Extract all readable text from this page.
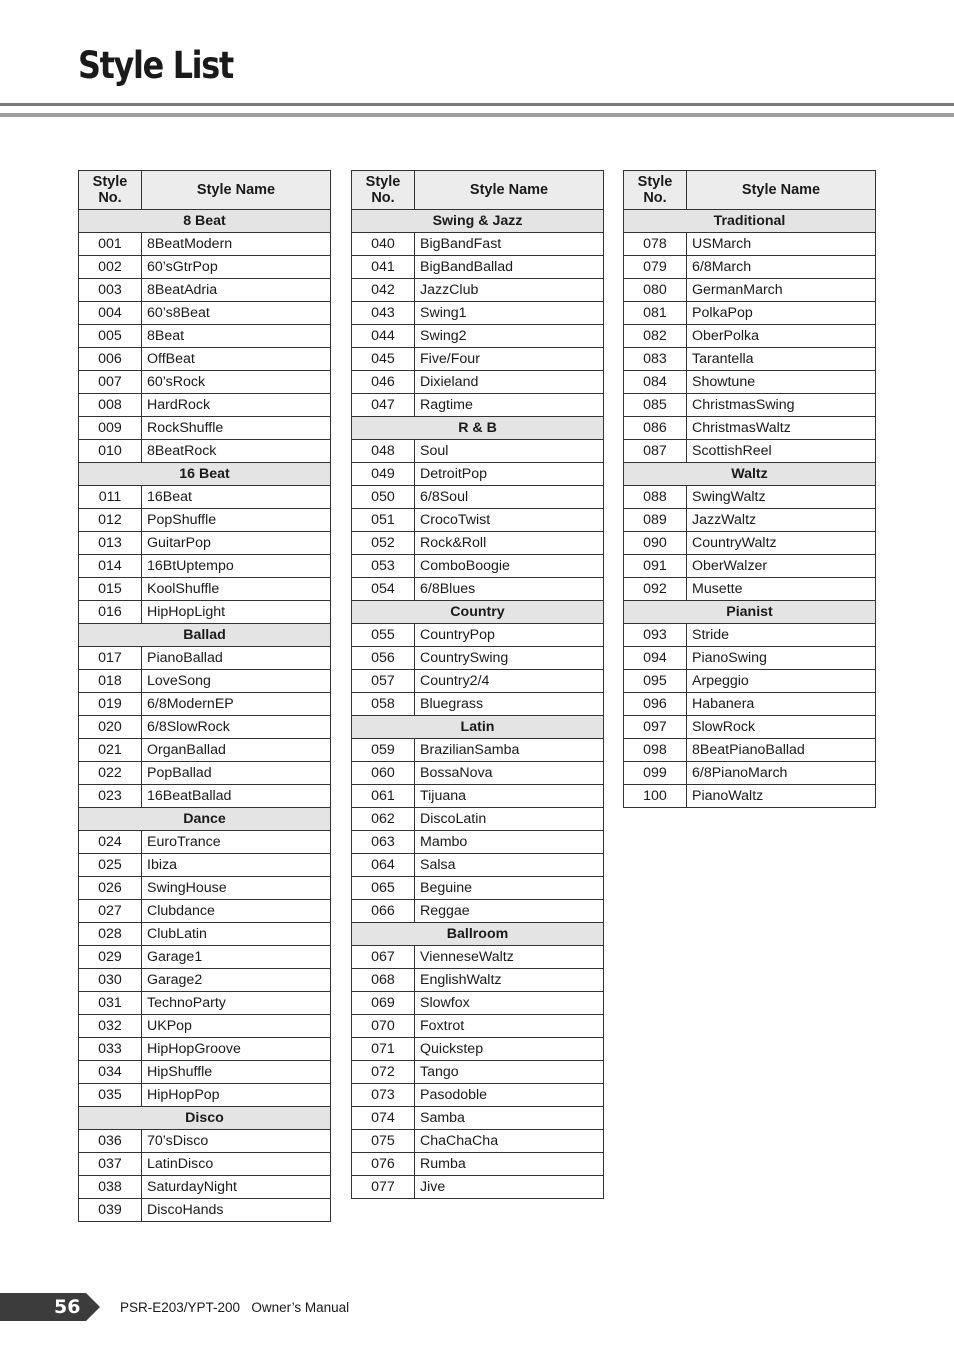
Style List
Style
No.	Style Name
8 Beat	
001	8BeatModern
002	60’sGtrPop
003	8BeatAdria
004	60’s8Beat
005	8Beat
006	OffBeat
007	60’sRock
008	HardRock
009	RockShuffle
010	8BeatRock
16 Beat	
011	16Beat
012	PopShuffle
013	GuitarPop
014	16BtUptempo
015	KoolShuffle
016	HipHopLight
Ballad	
017	PianoBallad
018	LoveSong
019	6/8ModernEP
020	6/8SlowRock
021	OrganBallad
022	PopBallad
023	16BeatBallad
Dance	
024	EuroTrance
025	Ibiza
026	SwingHouse
027	Clubdance
028	ClubLatin
029	Garage1
030	Garage2
031	TechnoParty
032	UKPop
033	HipHopGroove
034	HipShuffle
035	HipHopPop
Disco	
036	70’sDisco
037	LatinDisco
038	SaturdayNight
039	DiscoHands
Style
No.	Style Name
Swing & Jazz	
040	BigBandFast
041	BigBandBallad
042	JazzClub
043	Swing1
044	Swing2
045	Five/Four
046	Dixieland
047	Ragtime
R & B	
048	Soul
049	DetroitPop
050	6/8Soul
051	CrocoTwist
052	Rock&Roll
053	ComboBoogie
054	6/8Blues
Country	
055	CountryPop
056	CountrySwing
057	Country2/4
058	Bluegrass
Latin	
059	BrazilianSamba
060	BossaNova
061	Tijuana
062	DiscoLatin
063	Mambo
064	Salsa
065	Beguine
066	Reggae
Ballroom	
067	VienneseWaltz
068	EnglishWaltz
069	Slowfox
070	Foxtrot
071	Quickstep
072	Tango
073	Pasodoble
074	Samba
075	ChaChaCha
076	Rumba
077	Jive
Style
No.	Style Name
Traditional	
078	USMarch
079	6/8March
080	GermanMarch
081	PolkaPop
082	OberPolka
083	Tarantella
084	Showtune
085	ChristmasSwing
086	ChristmasWaltz
087	ScottishReel
Waltz	
088	SwingWaltz
089	JazzWaltz
090	CountryWaltz
091	OberWalzer
092	Musette
Pianist	
093	Stride
094	PianoSwing
095	Arpeggio
096	Habanera
097	SlowRock
098	8BeatPianoBallad
099	6/8PianoMarch
100	PianoWaltz
56	PSR-E203/YPT-200   Owner’s Manual
